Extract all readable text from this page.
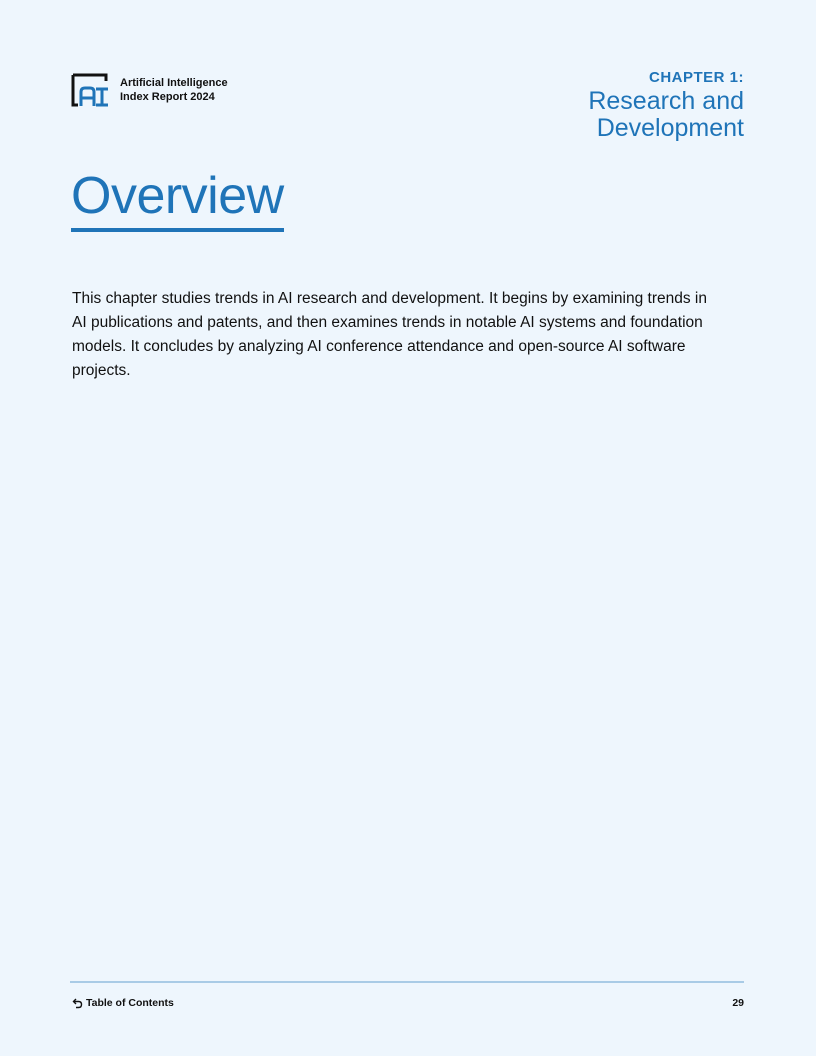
Artificial Intelligence
Index Report 2024
CHAPTER 1:
Research and
Development
Overview

This chapter studies trends in AI research and development. It begins by examining trends in AI publications and patents, and then examines trends in notable AI systems and foundation models. It concludes by analyzing AI conference attendance and open-source AI software projects.

Table of Contents	29
